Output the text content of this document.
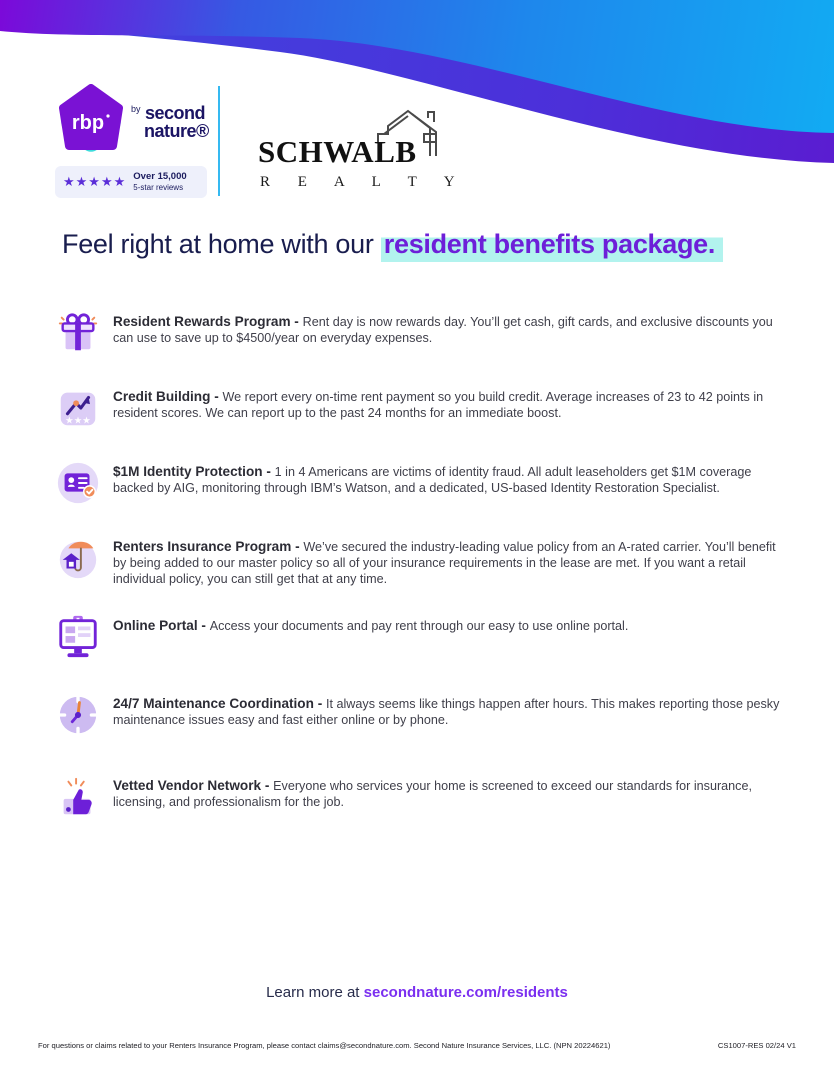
rbp
$^{by}$ second
nature®
★★★★★ Over 15,000
5-star reviews
SCHWALB
R E A L T Y
Feel right at home with our resident benefits package.
Resident Rewards Program - Rent day is now rewards day. You’ll get cash, gift cards, and exclusive discounts you can use to save up to $4500/year on everyday expenses.
★★★
Credit Building - We report every on-time rent payment so you build credit. Average increases of 23 to 42 points in resident scores. We can report up to the past 24 months for an immediate boost.
$1M Identity Protection - 1 in 4 Americans are victims of identity fraud. All adult leaseholders get $1M coverage backed by AIG, monitoring through IBM’s Watson, and a dedicated, US-based Identity Restoration Specialist.
Renters Insurance Program - We’ve secured the industry-leading value policy from an A-rated carrier. You’ll benefit by being added to our master policy so all of your insurance requirements in the lease are met. If you want a retail individual policy, you can still get that at any time.
Online Portal - Access your documents and pay rent through our easy to use online portal.
24/7 Maintenance Coordination - It always seems like things happen after hours. This makes reporting those pesky maintenance issues easy and fast either online or by phone.
Vetted Vendor Network - Everyone who services your home is screened to exceed our standards for insurance, licensing, and professionalism for the job.
Learn more at secondnature.com/residents
For questions or claims related to your Renters Insurance Program, please contact claims@secondnature.com. Second Nature Insurance Services, LLC. (NPN 20224621)	CS1007-RES 02/24 V1
